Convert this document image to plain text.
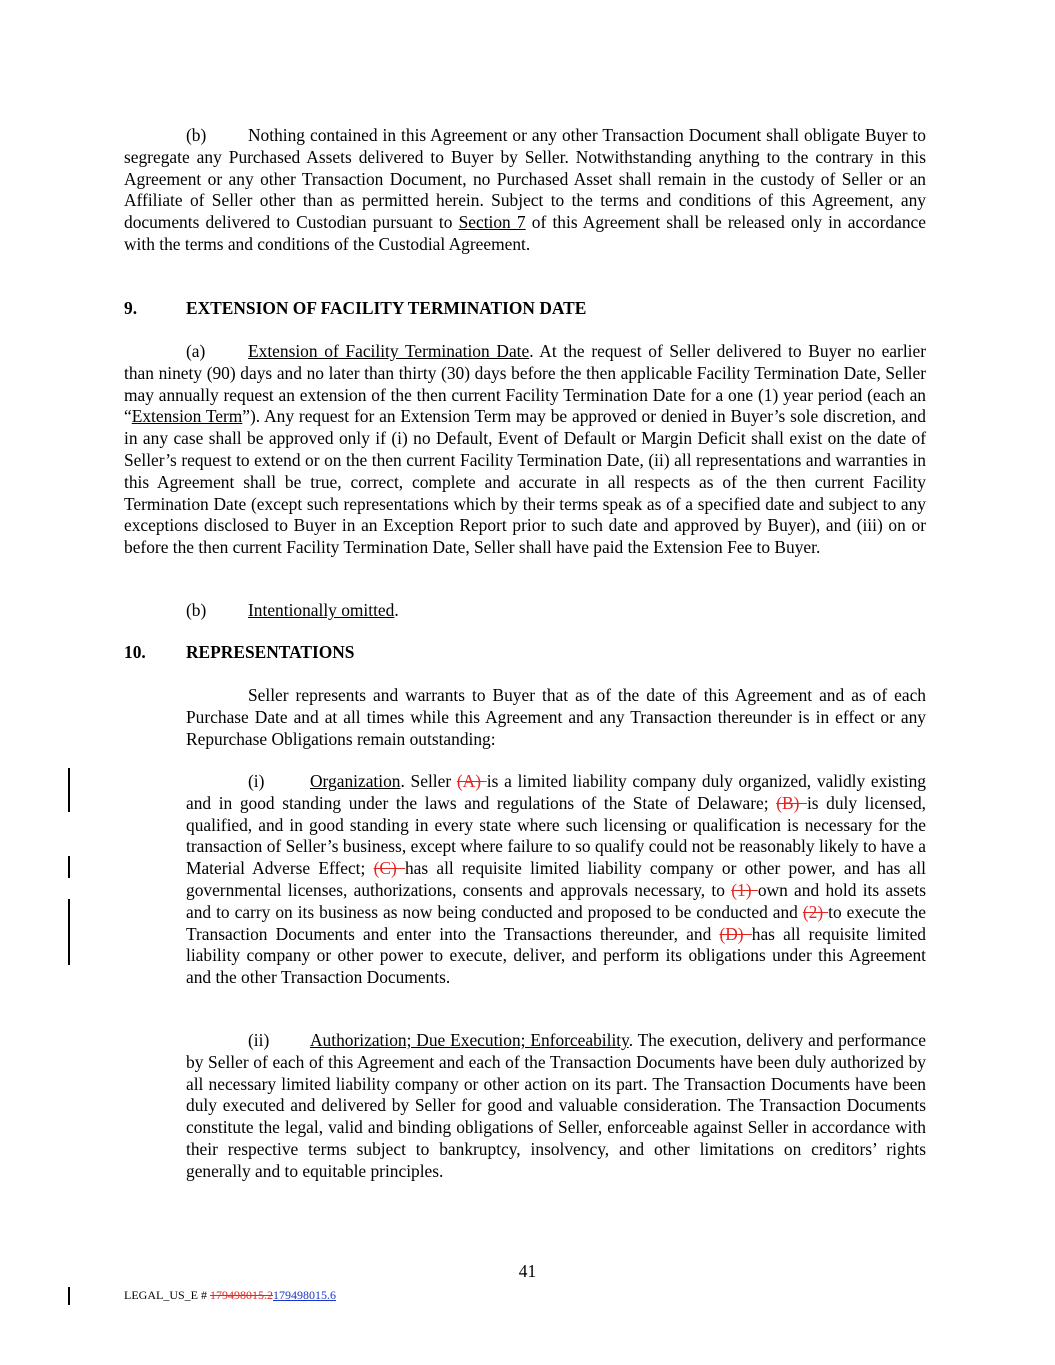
(b) Nothing contained in this Agreement or any other Transaction Document shall obligate Buyer to segregate any Purchased Assets delivered to Buyer by Seller. Notwithstanding anything to the contrary in this Agreement or any other Transaction Document, no Purchased Asset shall remain in the custody of Seller or an Affiliate of Seller other than as permitted herein. Subject to the terms and conditions of this Agreement, any documents delivered to Custodian pursuant to Section 7 of this Agreement shall be released only in accordance with the terms and conditions of the Custodial Agreement.

9.	EXTENSION OF FACILITY TERMINATION DATE

(a) Extension of Facility Termination Date. At the request of Seller delivered to Buyer no earlier than ninety (90) days and no later than thirty (30) days before the then applicable Facility Termination Date, Seller may annually request an extension of the then current Facility Termination Date for a one (1) year period (each an “Extension Term”). Any request for an Extension Term may be approved or denied in Buyer’s sole discretion, and in any case shall be approved only if (i) no Default, Event of Default or Margin Deficit shall exist on the date of Seller’s request to extend or on the then current Facility Termination Date, (ii) all representations and warranties in this Agreement shall be true, correct, complete and accurate in all respects as of the then current Facility Termination Date (except such representations which by their terms speak as of a specified date and subject to any exceptions disclosed to Buyer in an Exception Report prior to such date and approved by Buyer), and (iii) on or before the then current Facility Termination Date, Seller shall have paid the Extension Fee to Buyer.

(b) Intentionally omitted.

10. REPRESENTATIONS

Seller represents and warrants to Buyer that as of the date of this Agreement and as of each Purchase Date and at all times while this Agreement and any Transaction thereunder is in effect or any Repurchase Obligations remain outstanding:

(i)	Organization. Seller (A) is a limited liability company duly organized, validly existing and in good standing under the laws and regulations of the State of Delaware; (B) is duly licensed, qualified, and in good standing in every state where such licensing or qualification is necessary for the transaction of Seller’s business, except where failure to so qualify could not be reasonably likely to have a Material Adverse Effect; (C) has all requisite limited liability company or other power, and has all governmental licenses, authorizations, consents and approvals necessary, to (1) own and hold its assets and to carry on its business as now being conducted and proposed to be conducted and (2) to execute the Transaction Documents and enter into the Transactions thereunder, and (D) has all requisite limited liability company or other power to execute, deliver, and perform its obligations under this Agreement and the other Transaction Documents.

(ii) Authorization; Due Execution; Enforceability. The execution, delivery and performance by Seller of each of this Agreement and each of the Transaction Documents have been duly authorized by all necessary limited liability company or other action on its part. The Transaction Documents have been duly executed and delivered by Seller for good and valuable consideration. The Transaction Documents constitute the legal, valid and binding obligations of Seller, enforceable against Seller in accordance with their respective terms subject to bankruptcy, insolvency, and other limitations on creditors’ rights generally and to equitable principles.

41
LEGAL_US_E # 179498015.2179498015.6
